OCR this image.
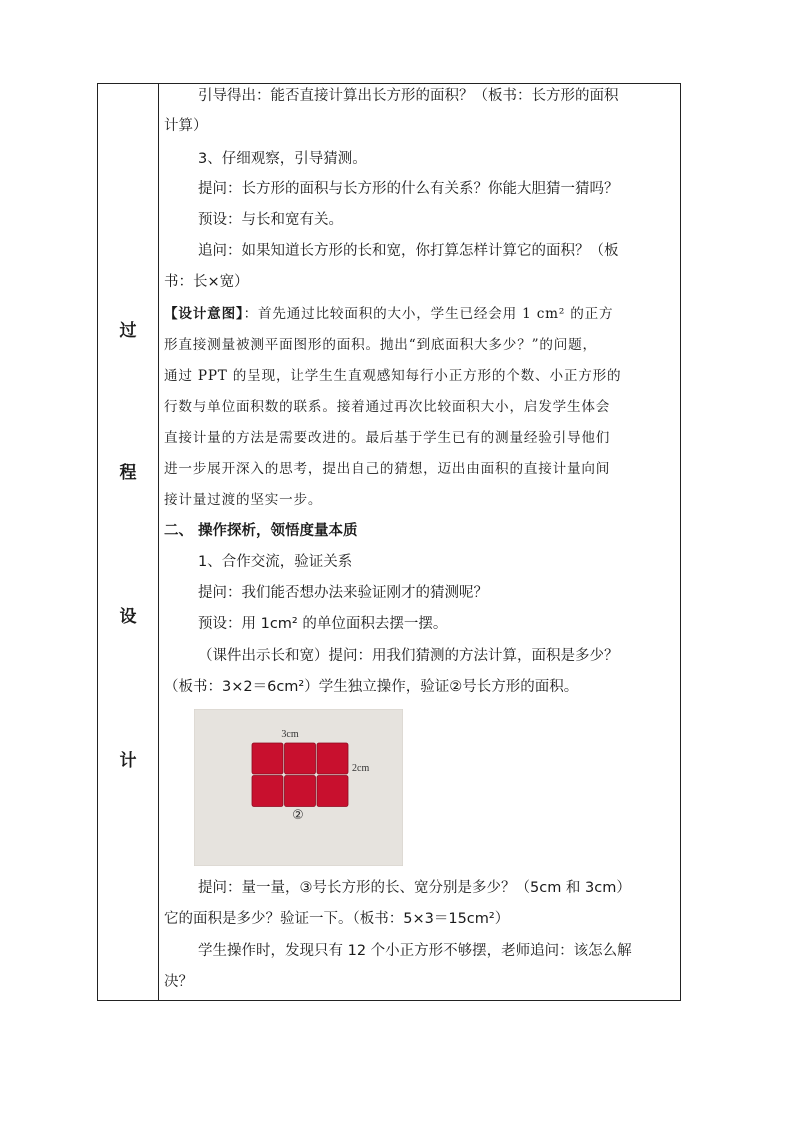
过
程
设
计
引导得出：能否直接计算出长方形的面积？（板书：长方形的面积
计算）
3、仔细观察，引导猜测。
提问：长方形的面积与长方形的什么有关系？你能大胆猜一猜吗？
预设：与长和宽有关。
追问：如果知道长方形的长和宽，你打算怎样计算它的面积？（板
书：长×宽）
【设计意图】：首先通过比较面积的大小，学生已经会用 1 cm² 的正方
形直接测量被测平面图形的面积。抛出“到底面积大多少？”的问题，
通过 PPT 的呈现，让学生生直观感知每行小正方形的个数、小正方形的
行数与单位面积数的联系。接着通过再次比较面积大小，启发学生体会
直接计量的方法是需要改进的。最后基于学生已有的测量经验引导他们
进一步展开深入的思考，提出自己的猜想，迈出由面积的直接计量向间
接计量过渡的坚实一步。
二、 操作探析，领悟度量本质
1、合作交流，验证关系
提问：我们能否想办法来验证刚才的猜测呢？
预设：用 1cm² 的单位面积去摆一摆。
（课件出示长和宽）提问：用我们猜测的方法计算，面积是多少？
（板书：3×2＝6cm²）学生独立操作，验证②号长方形的面积。
3cm
2cm
②
提问：量一量，③号长方形的长、宽分别是多少？（5cm 和 3cm）
它的面积是多少？验证一下。（板书：5×3＝15cm²）
学生操作时，发现只有 12 个小正方形不够摆，老师追问：该怎么解
决？
